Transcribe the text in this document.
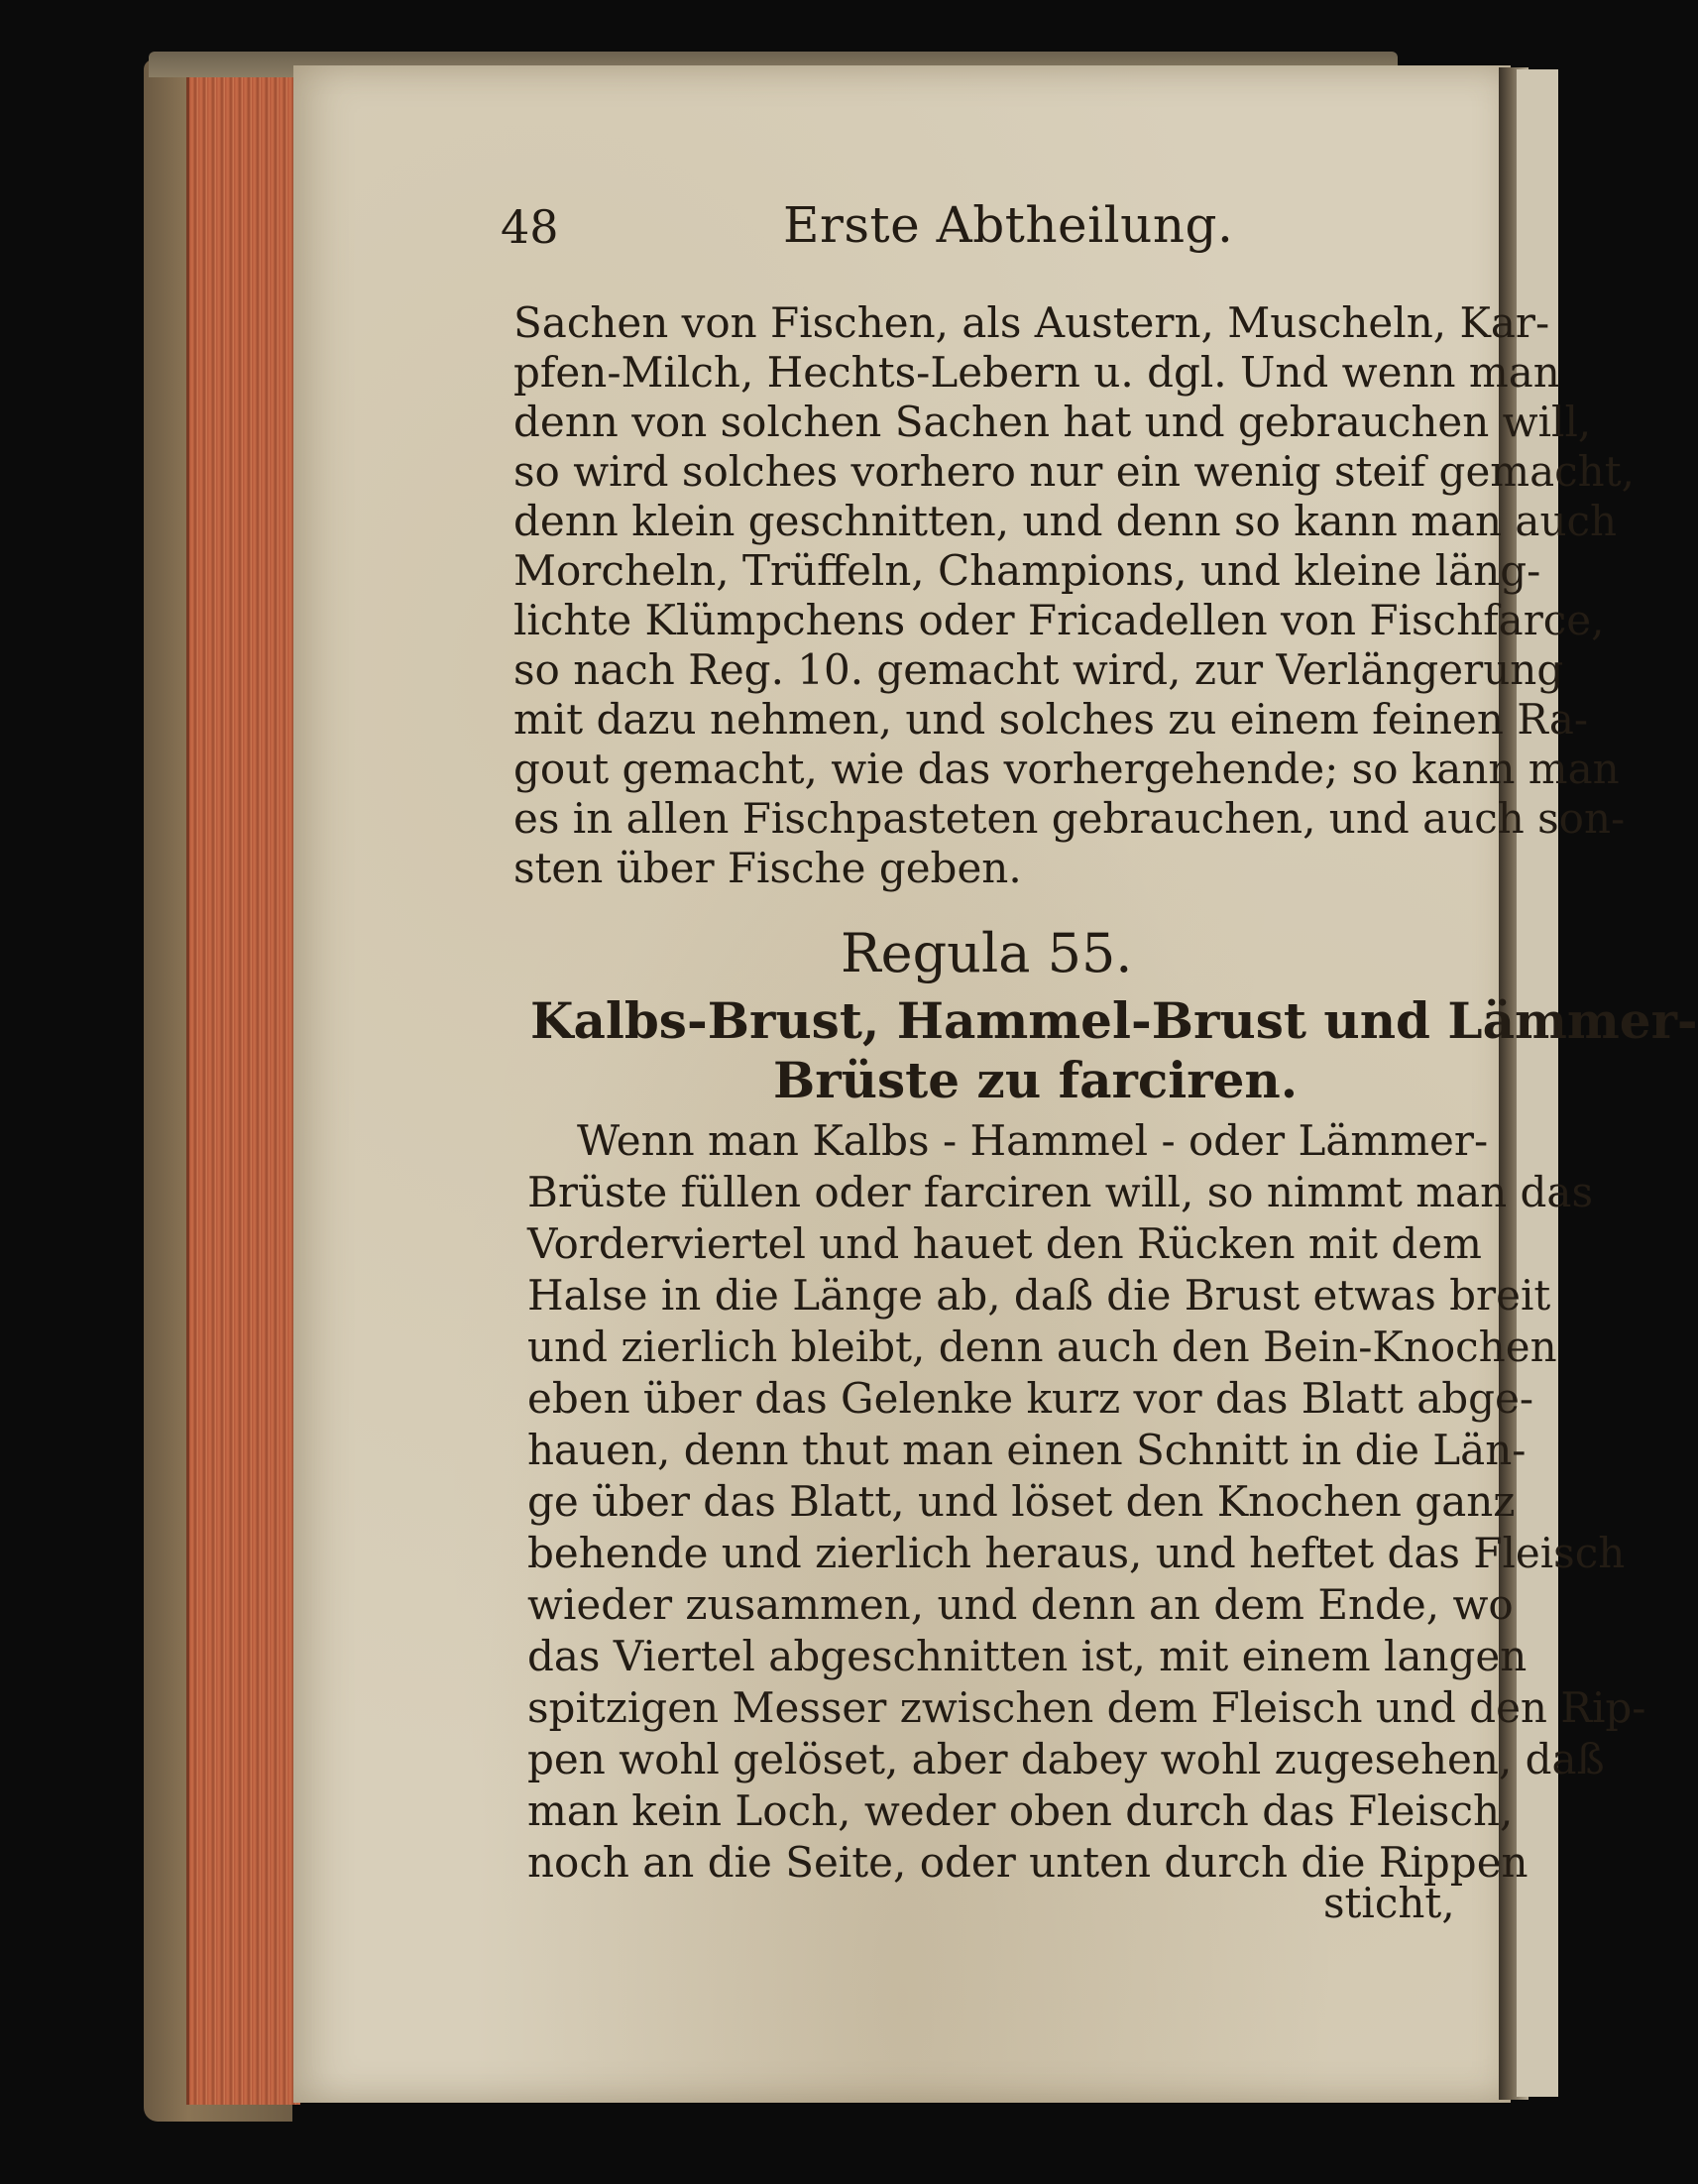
48	Erste Abtheilung.
Sachen von Fischen, als Austern, Muscheln, Kar-
pfen-Milch, Hechts-Lebern u. dgl. Und wenn man
denn von solchen Sachen hat und gebrauchen will,
so wird solches vorhero nur ein wenig steif gemacht,
denn klein geschnitten, und denn so kann man auch
Morcheln, Trüffeln, Champions, und kleine läng-
lichte Klümpchens oder Fricadellen von Fischfarce,
so nach Reg. 10. gemacht wird, zur Verlängerung
mit dazu nehmen, und solches zu einem feinen Ra-
gout gemacht, wie das vorhergehende; so kann man
es in allen Fischpasteten gebrauchen, und auch son-
sten über Fische geben.
Regula 55.
Kalbs-Brust, Hammel-Brust und Lämmer-
Brüste zu farciren.
Wenn man Kalbs - Hammel - oder Lämmer-
Brüste füllen oder farciren will, so nimmt man das
Vorderviertel und hauet den Rücken mit dem
Halse in die Länge ab, daß die Brust etwas breit
und zierlich bleibt, denn auch den Bein-Knochen
eben über das Gelenke kurz vor das Blatt abge-
hauen, denn thut man einen Schnitt in die Län-
ge über das Blatt, und löset den Knochen ganz
behende und zierlich heraus, und heftet das Fleisch
wieder zusammen, und denn an dem Ende, wo
das Viertel abgeschnitten ist, mit einem langen
spitzigen Messer zwischen dem Fleisch und den Rip-
pen wohl gelöset, aber dabey wohl zugesehen, daß
man kein Loch, weder oben durch das Fleisch,
noch an die Seite, oder unten durch die Rippen
sticht,
